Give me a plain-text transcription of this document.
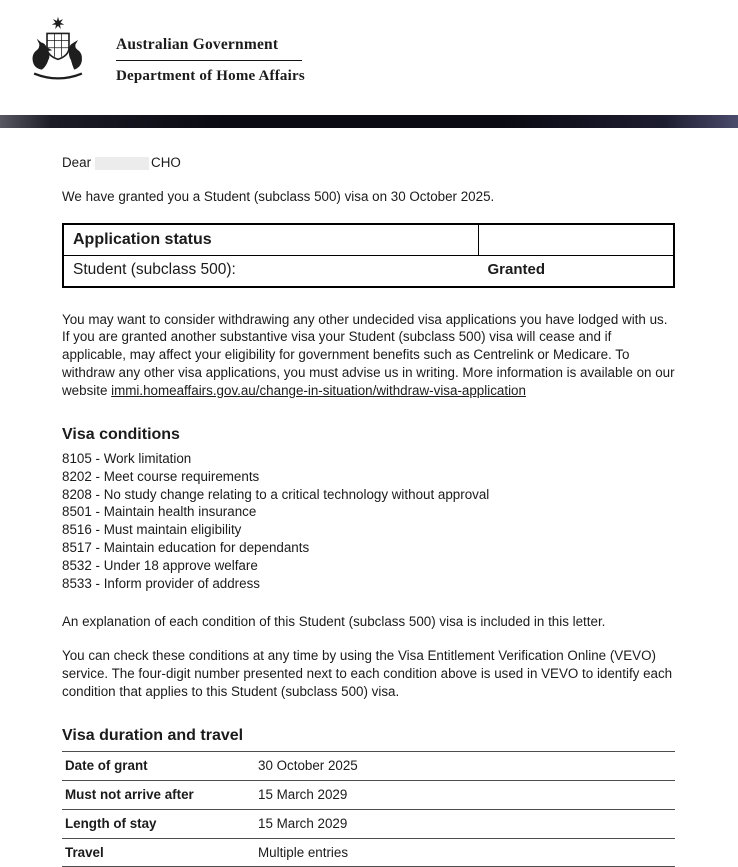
Australian Government
Department of Home Affairs

Dear	CHO

We have granted you a Student (subclass 500) visa on 30 October 2025.

Application status	
Student (subclass 500):	Granted

You may want to consider withdrawing any other undecided visa applications you have lodged with us. If you are granted another substantive visa your Student (subclass 500) visa will cease and if applicable, may affect your eligibility for government benefits such as Centrelink or Medicare. To withdraw any other visa applications, you must advise us in writing. More information is available on our website immi.homeaffairs.gov.au/change-in-situation/withdraw-visa-application

Visa conditions
8105 - Work limitation
8202 - Meet course requirements
8208 - No study change relating to a critical technology without approval
8501 - Maintain health insurance
8516 - Must maintain eligibility
8517 - Maintain education for dependants
8532 - Under 18 approve welfare
8533 - Inform provider of address

An explanation of each condition of this Student (subclass 500) visa is included in this letter.

You can check these conditions at any time by using the Visa Entitlement Verification Online (VEVO) service. The four-digit number presented next to each condition above is used in VEVO to identify each condition that applies to this Student (subclass 500) visa.

Visa duration and travel
Date of grant	30 October 2025
Must not arrive after	15 March 2029
Length of stay	15 March 2029
Travel	Multiple entries
